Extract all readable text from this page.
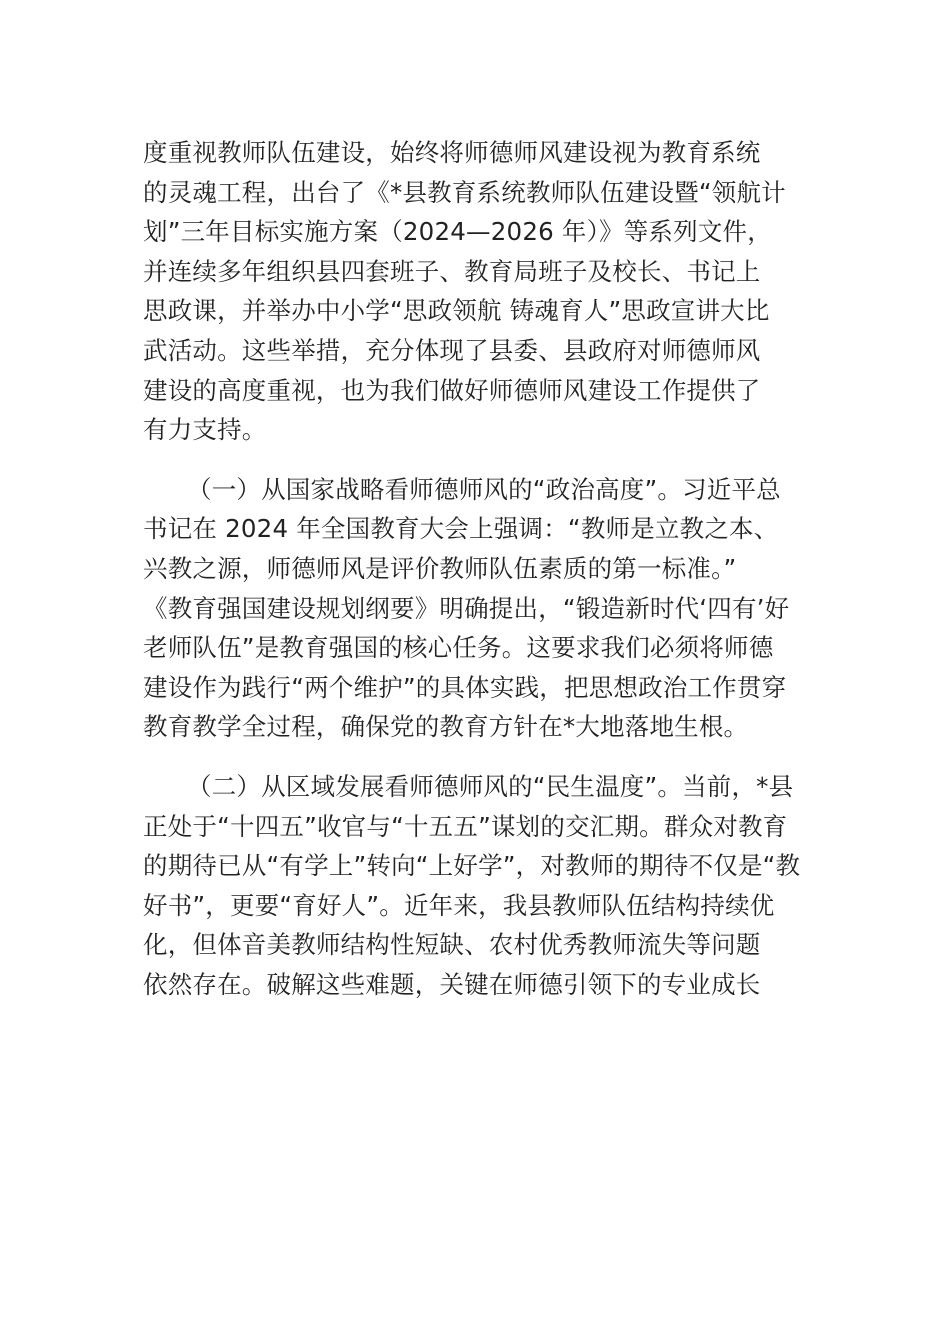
度重视教师队伍建设，始终将师德师风建设视为教育系统
的灵魂工程，出台了《*县教育系统教师队伍建设暨“领航计
划”三年目标实施方案（2024—2026 年）》等系列文件，
并连续多年组织县四套班子、教育局班子及校长、书记上
思政课，并举办中小学“思政领航 铸魂育人”思政宣讲大比
武活动。这些举措，充分体现了县委、县政府对师德师风
建设的高度重视，也为我们做好师德师风建设工作提供了
有力支持。

（一）从国家战略看师德师风的“政治高度”。习近平总
书记在 2024 年全国教育大会上强调：“教师是立教之本、
兴教之源，师德师风是评价教师队伍素质的第一标准。”
《教育强国建设规划纲要》明确提出，“锻造新时代‘四有’好
老师队伍”是教育强国的核心任务。这要求我们必须将师德
建设作为践行“两个维护”的具体实践，把思想政治工作贯穿
教育教学全过程，确保党的教育方针在*大地落地生根。

（二）从区域发展看师德师风的“民生温度”。当前，*县
正处于“十四五”收官与“十五五”谋划的交汇期。群众对教育
的期待已从“有学上”转向“上好学”，对教师的期待不仅是“教
好书”，更要“育好人”。近年来，我县教师队伍结构持续优
化，但体音美教师结构性短缺、农村优秀教师流失等问题
依然存在。破解这些难题，关键在师德引领下的专业成长
